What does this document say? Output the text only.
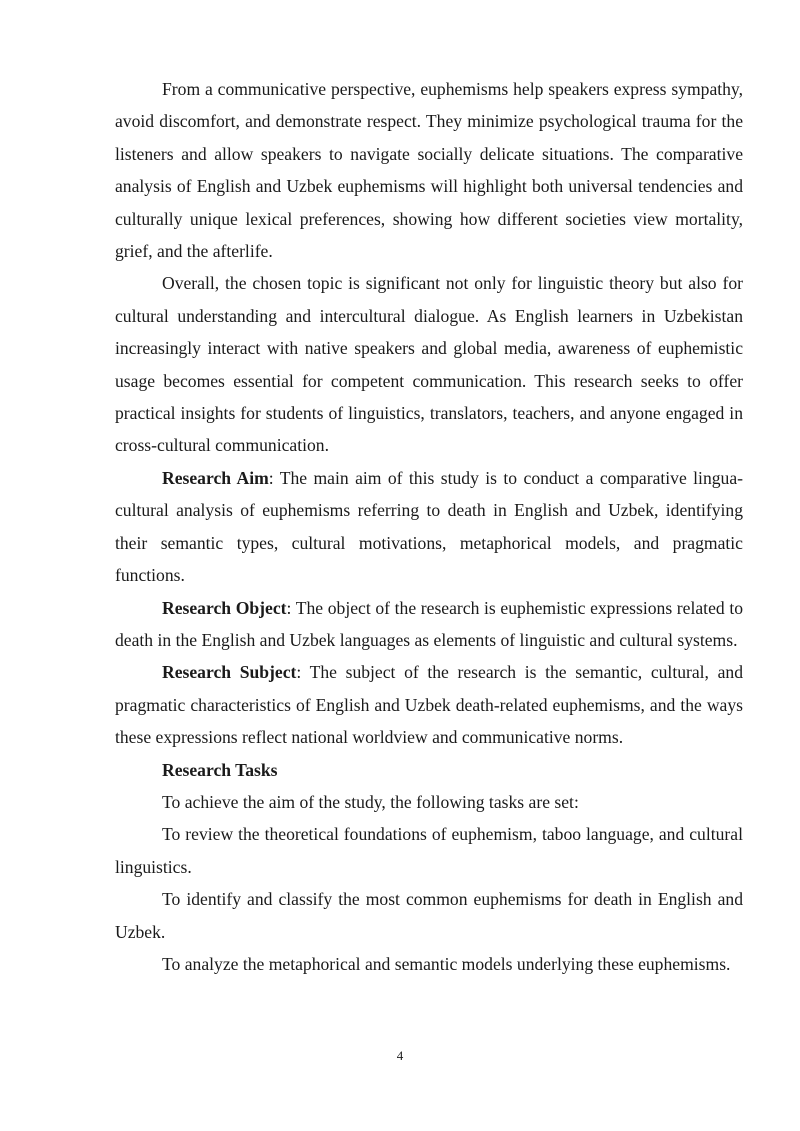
From a communicative perspective, euphemisms help speakers express sympathy, avoid discomfort, and demonstrate respect. They minimize psychological trauma for the listeners and allow speakers to navigate socially delicate situations. The comparative analysis of English and Uzbek euphemisms will highlight both universal tendencies and culturally unique lexical preferences, showing how different societies view mortality, grief, and the afterlife.

Overall, the chosen topic is significant not only for linguistic theory but also for cultural understanding and intercultural dialogue. As English learners in Uzbekistan increasingly interact with native speakers and global media, awareness of euphemistic usage becomes essential for competent communication. This research seeks to offer practical insights for students of linguistics, translators, teachers, and anyone engaged in cross-cultural communication.

Research Aim: The main aim of this study is to conduct a comparative lingua-cultural analysis of euphemisms referring to death in English and Uzbek, identifying their semantic types, cultural motivations, metaphorical models, and pragmatic functions.

Research Object: The object of the research is euphemistic expressions related to death in the English and Uzbek languages as elements of linguistic and cultural systems.

Research Subject: The subject of the research is the semantic, cultural, and pragmatic characteristics of English and Uzbek death-related euphemisms, and the ways these expressions reflect national worldview and communicative norms.

Research Tasks

To achieve the aim of the study, the following tasks are set:

To review the theoretical foundations of euphemism, taboo language, and cultural linguistics.

To identify and classify the most common euphemisms for death in English and Uzbek.

To analyze the metaphorical and semantic models underlying these euphemisms.

4
